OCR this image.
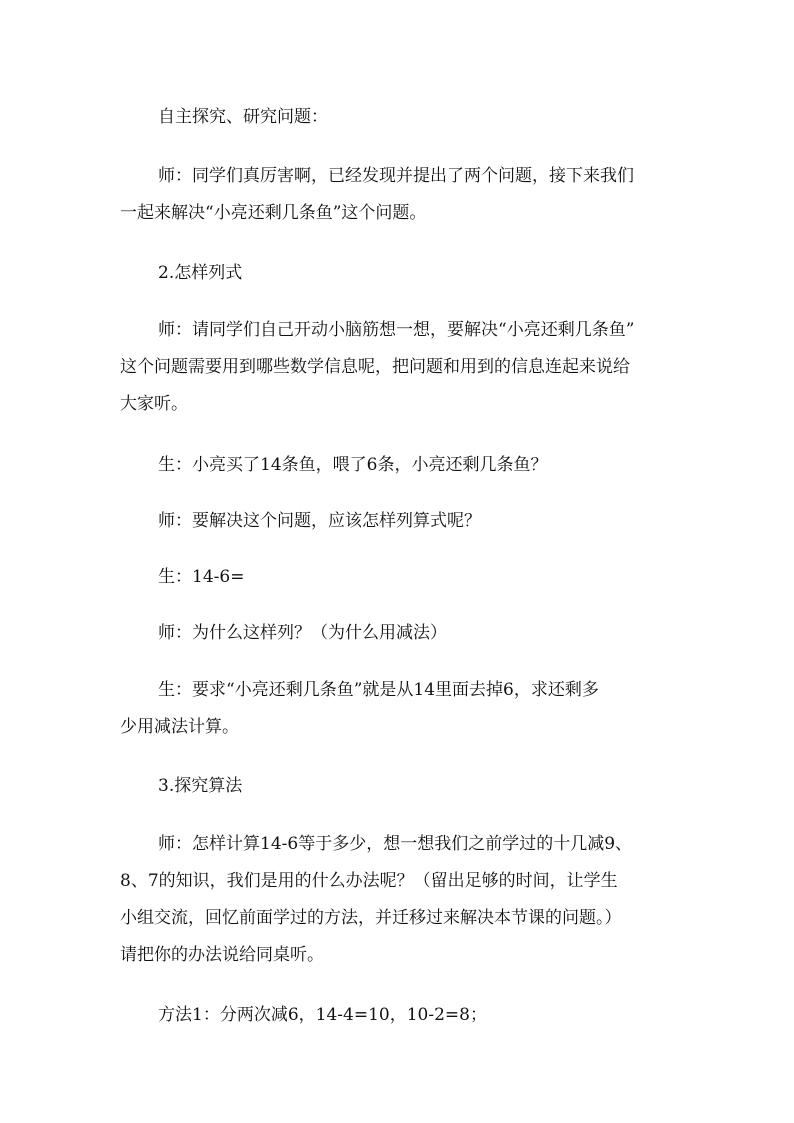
自主探究、研究问题：

师：同学们真厉害啊，已经发现并提出了两个问题，接下来我们
一起来解决“小亮还剩几条鱼”这个问题。

2.怎样列式

师：请同学们自己开动小脑筋想一想，要解决“小亮还剩几条鱼”
这个问题需要用到哪些数学信息呢，把问题和用到的信息连起来说给
大家听。

生：小亮买了14条鱼，喂了6条，小亮还剩几条鱼？

师：要解决这个问题，应该怎样列算式呢？

生：14-6=

师：为什么这样列？（为什么用减法）

生：要求“小亮还剩几条鱼”就是从14里面去掉6，求还剩多
少用减法计算。

3.探究算法

师：怎样计算14-6等于多少，想一想我们之前学过的十几减9、
8、7的知识，我们是用的什么办法呢？（留出足够的时间，让学生
小组交流，回忆前面学过的方法，并迁移过来解决本节课的问题。）
请把你的办法说给同桌听。

方法1：分两次减6，14-4=10，10-2=8；
